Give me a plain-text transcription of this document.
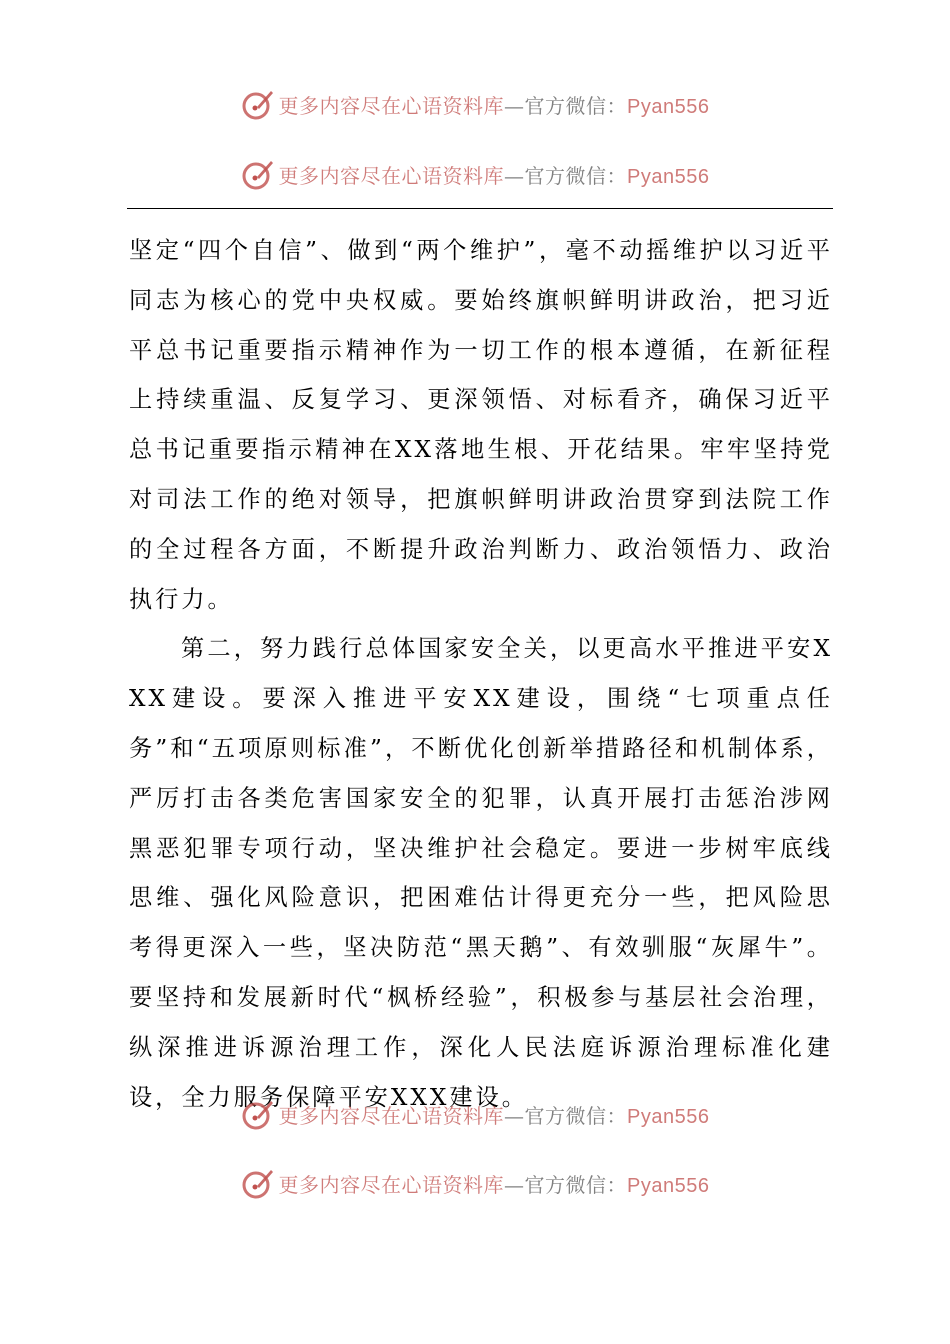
更多内容尽在心语资料库—官方微信：Pyan556
更多内容尽在心语资料库—官方微信：Pyan556

坚定“四个自信”、做到“两个维护”，毫不动摇维护以习近平同志为核心的党中央权威。要始终旗帜鲜明讲政治，把习近平总书记重要指示精神作为一切工作的根本遵循，在新征程上持续重温、反复学习、更深领悟、对标看齐，确保习近平总书记重要指示精神在XX落地生根、开花结果。牢牢坚持党对司法工作的绝对领导，把旗帜鲜明讲政治贯穿到法院工作的全过程各方面，不断提升政治判断力、政治领悟力、政治执行力。

第二，努力践行总体国家安全关，以更高水平推进平安XXX建设。要深入推进平安XX建设，围绕“七项重点任务”和“五项原则标准”，不断优化创新举措路径和机制体系，严厉打击各类危害国家安全的犯罪，认真开展打击惩治涉网黑恶犯罪专项行动，坚决维护社会稳定。要进一步树牢底线思维、强化风险意识，把困难估计得更充分一些，把风险思考得更深入一些，坚决防范“黑天鹅”、有效驯服“灰犀牛”。要坚持和发展新时代“枫桥经验”，积极参与基层社会治理，纵深推进诉源治理工作，深化人民法庭诉源治理标准化建设，全力服务保障平安XXX建设。

更多内容尽在心语资料库—官方微信：Pyan556
更多内容尽在心语资料库—官方微信：Pyan556
